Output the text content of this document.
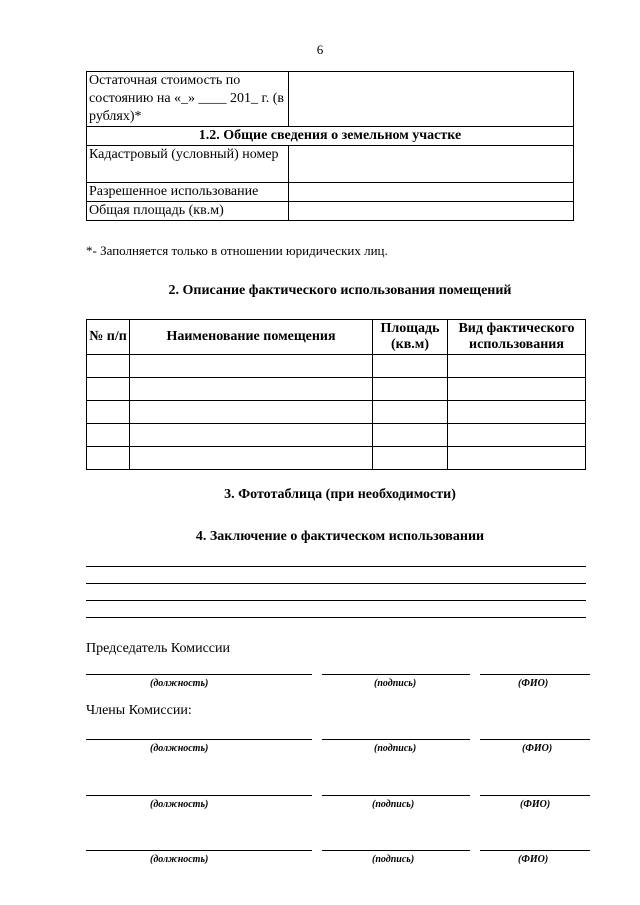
6
Остаточная стоимость по состоянию на «_» ____ 201_ г. (в рублях)*	
1.2. Общие сведения о земельном участке	
Кадастровый (условный) номер	
Разрешенное использование	
Общая площадь (кв.м)	
*- Заполняется только в отношении юридических лиц.
2. Описание фактического использования помещений
№ п/п	Наименование помещения	Площадь (кв.м)	Вид фактического использования

3. Фототаблица (при необходимости)
4. Заключение о фактическом использовании
Председатель Комиссии
(должность)	(подпись)	(ФИО)
Члены Комиссии:
(должность)	(подпись)	(ФИО)
(должность)	(подпись)	(ФИО)
(должность)	(подпись)	(ФИО)
